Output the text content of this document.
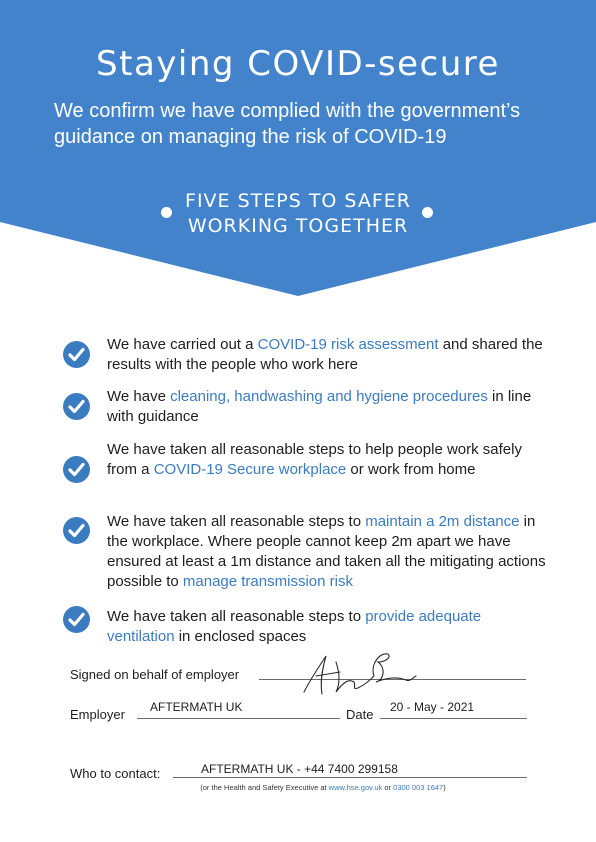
Staying COVID-secure
We confirm we have complied with the government’s guidance on managing the risk of COVID-19
FIVE STEPS TO SAFER
WORKING TOGETHER
We have carried out a COVID-19 risk assessment and shared the results with the people who work here
We have cleaning, handwashing and hygiene procedures in line with guidance
We have taken all reasonable steps to help people work safely from a COVID-19 Secure workplace or work from home
We have taken all reasonable steps to maintain a 2m distance in the workplace. Where people cannot keep 2m apart we have ensured at least a 1m distance and taken all the mitigating actions possible to manage transmission risk
We have taken all reasonable steps to provide adequate ventilation in enclosed spaces
Signed on behalf of employer
Employer AFTERMATH UK	Date 20 - May - 2021
Who to contact:	AFTERMATH UK - +44 7400 299158
(or the Health and Safety Executive at www.hse.gov.uk or 0300 003 1647)
